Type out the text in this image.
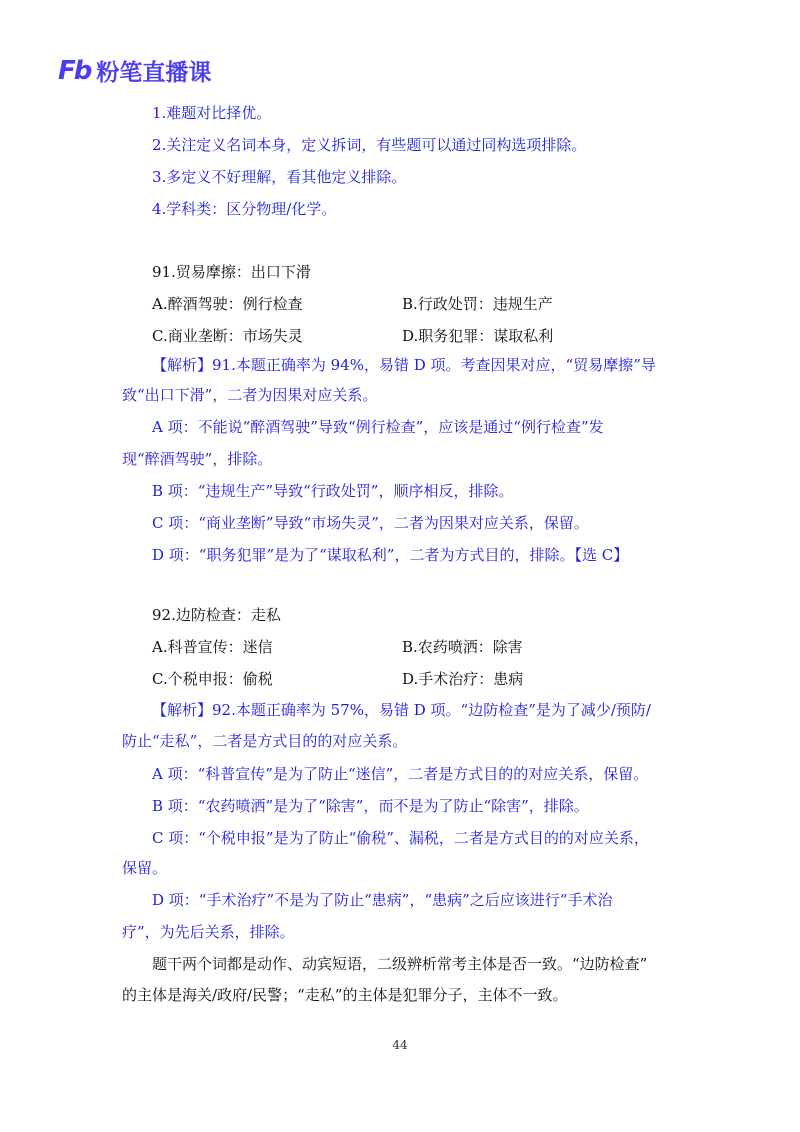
Fb 粉笔直播课
1.难题对比择优。
2.关注定义名词本身，定义拆词，有些题可以通过同构选项排除。
3.多定义不好理解，看其他定义排除。
4.学科类：区分物理/化学。
91.贸易摩擦：出口下滑
A.醉酒驾驶：例行检查	B.行政处罚：违规生产
C.商业垄断：市场失灵	D.职务犯罪：谋取私利
【解析】91.本题正确率为 94%，易错 D 项。考查因果对应，“贸易摩擦”导
致“出口下滑”，二者为因果对应关系。
A 项：不能说“醉酒驾驶”导致“例行检查”，应该是通过“例行检查”发
现“醉酒驾驶”，排除。
B 项：“违规生产”导致“行政处罚”，顺序相反，排除。
C 项：“商业垄断”导致“市场失灵”，二者为因果对应关系，保留。
D 项：“职务犯罪”是为了“谋取私利”，二者为方式目的，排除。【选 C】
92.边防检查：走私
A.科普宣传：迷信	B.农药喷洒：除害
C.个税申报：偷税	D.手术治疗：患病
【解析】92.本题正确率为 57%，易错 D 项。“边防检查”是为了减少/预防/
防止“走私”，二者是方式目的的对应关系。
A 项：“科普宣传”是为了防止“迷信”，二者是方式目的的对应关系，保留。
B 项：“农药喷洒”是为了“除害”，而不是为了防止“除害”，排除。
C 项：“个税申报”是为了防止“偷税”、漏税，二者是方式目的的对应关系，
保留。
D 项：“手术治疗”不是为了防止“患病”，“患病”之后应该进行“手术治
疗”，为先后关系，排除。
题干两个词都是动作、动宾短语，二级辨析常考主体是否一致。“边防检查”
的主体是海关/政府/民警；“走私”的主体是犯罪分子，主体不一致。
44
